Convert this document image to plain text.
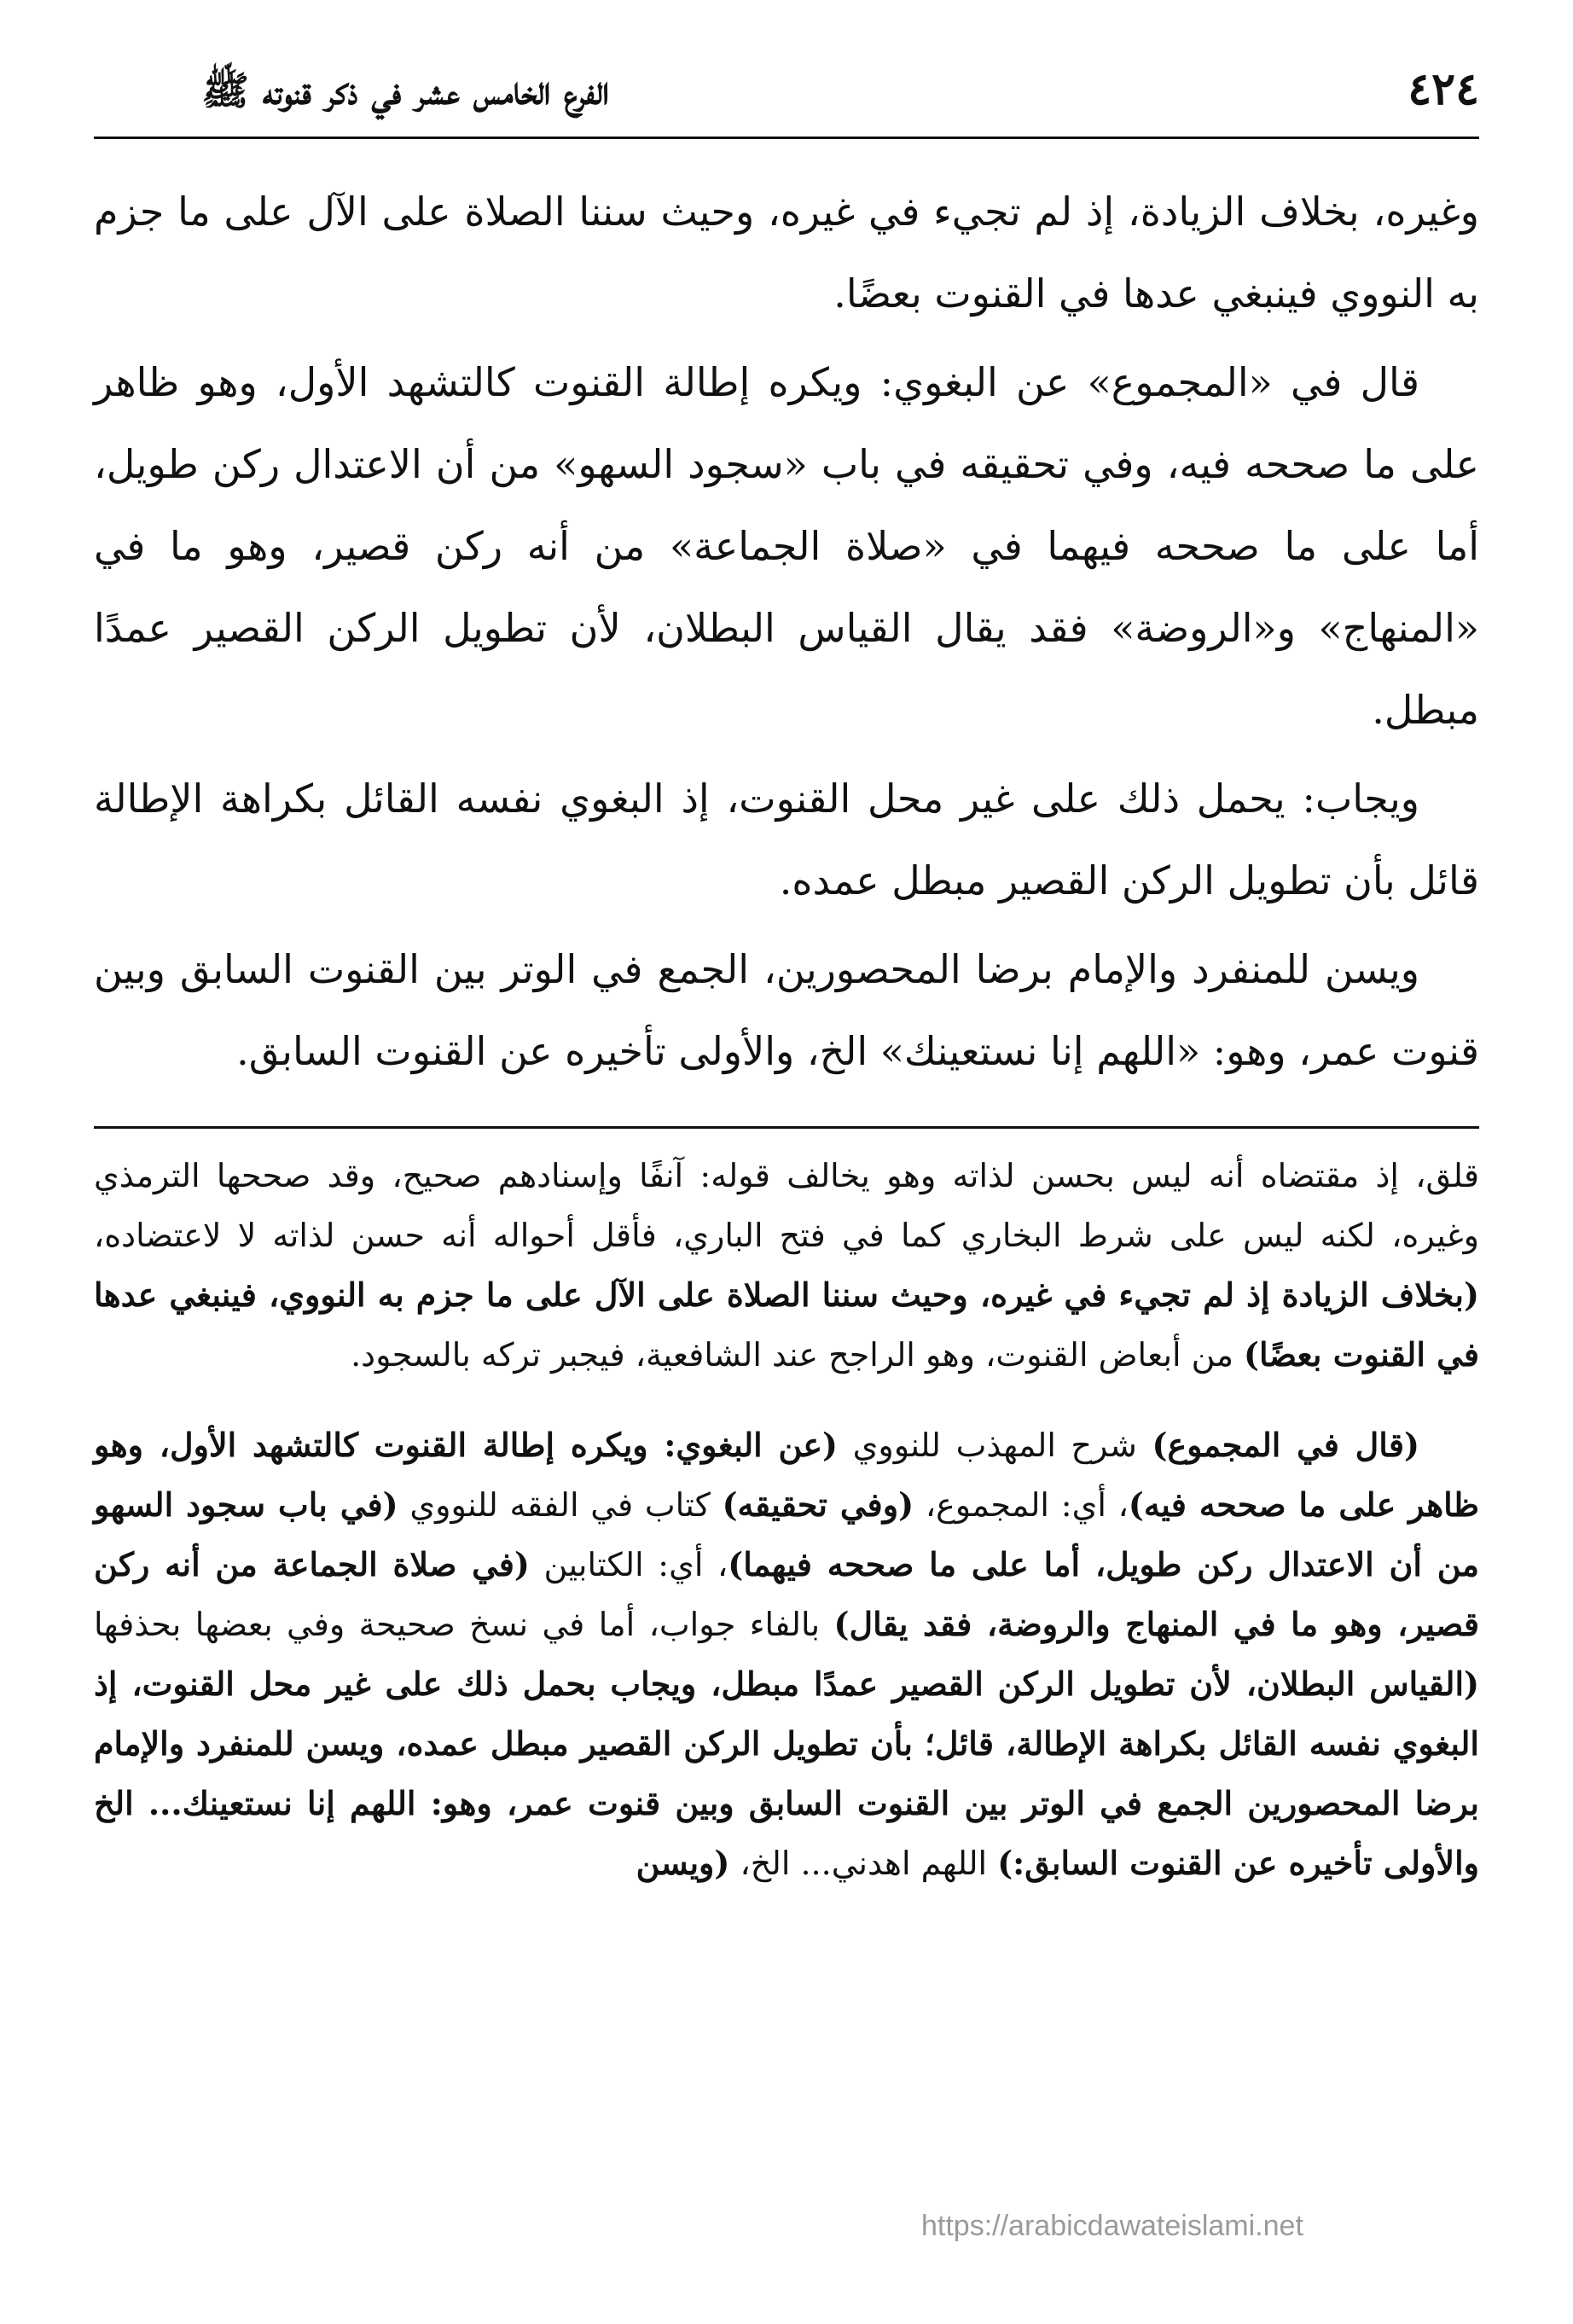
الفرع الخامس عشر في ذكر قنوته ﷺ	٤٢٤

وغيره، بخلاف الزيادة، إذ لم تجيء في غيره، وحيث سننا الصلاة على الآل على ما جزم به النووي فينبغي عدها في القنوت بعضًا.

قال في «المجموع» عن البغوي: ويكره إطالة القنوت كالتشهد الأول، وهو ظاهر على ما صححه فيه، وفي تحقيقه في باب «سجود السهو» من أن الاعتدال ركن طويل، أما على ما صححه فيهما في «صلاة الجماعة» من أنه ركن قصير، وهو ما في «المنهاج» و«الروضة» فقد يقال القياس البطلان، لأن تطويل الركن القصير عمدًا مبطل.

ويجاب: يحمل ذلك على غير محل القنوت، إذ البغوي نفسه القائل بكراهة الإطالة قائل بأن تطويل الركن القصير مبطل عمده.

ويسن للمنفرد والإمام برضا المحصورين، الجمع في الوتر بين القنوت السابق وبين قنوت عمر، وهو: «اللهم إنا نستعينك» الخ، والأولى تأخيره عن القنوت السابق.

قلق، إذ مقتضاه أنه ليس بحسن لذاته وهو يخالف قوله: آنفًا وإسنادهم صحيح، وقد صححها الترمذي وغيره، لكنه ليس على شرط البخاري كما في فتح الباري، فأقل أحواله أنه حسن لذاته لا لاعتضاده، (بخلاف الزيادة إذ لم تجيء في غيره، وحيث سننا الصلاة على الآل على ما جزم به النووي، فينبغي عدها في القنوت بعضًا) من أبعاض القنوت، وهو الراجح عند الشافعية، فيجبر تركه بالسجود.

(قال في المجموع) شرح المهذب للنووي (عن البغوي: ويكره إطالة القنوت كالتشهد الأول، وهو ظاهر على ما صححه فيه)، أي: المجموع، (وفي تحقيقه) كتاب في الفقه للنووي (في باب سجود السهو من أن الاعتدال ركن طويل، أما على ما صححه فيهما)، أي: الكتابين (في صلاة الجماعة من أنه ركن قصير، وهو ما في المنهاج والروضة، فقد يقال) بالفاء جواب، أما في نسخ صحيحة وفي بعضها بحذفها (القياس البطلان، لأن تطويل الركن القصير عمدًا مبطل، ويجاب بحمل ذلك على غير محل القنوت، إذ البغوي نفسه القائل بكراهة الإطالة، قائل؛ بأن تطويل الركن القصير مبطل عمده، ويسن للمنفرد والإمام برضا المحصورين الجمع في الوتر بين القنوت السابق وبين قنوت عمر، وهو: اللهم إنا نستعينك... الخ والأولى تأخيره عن القنوت السابق:) اللهم اهدني... الخ، (ويسن

https://arabicdawateislami.net
